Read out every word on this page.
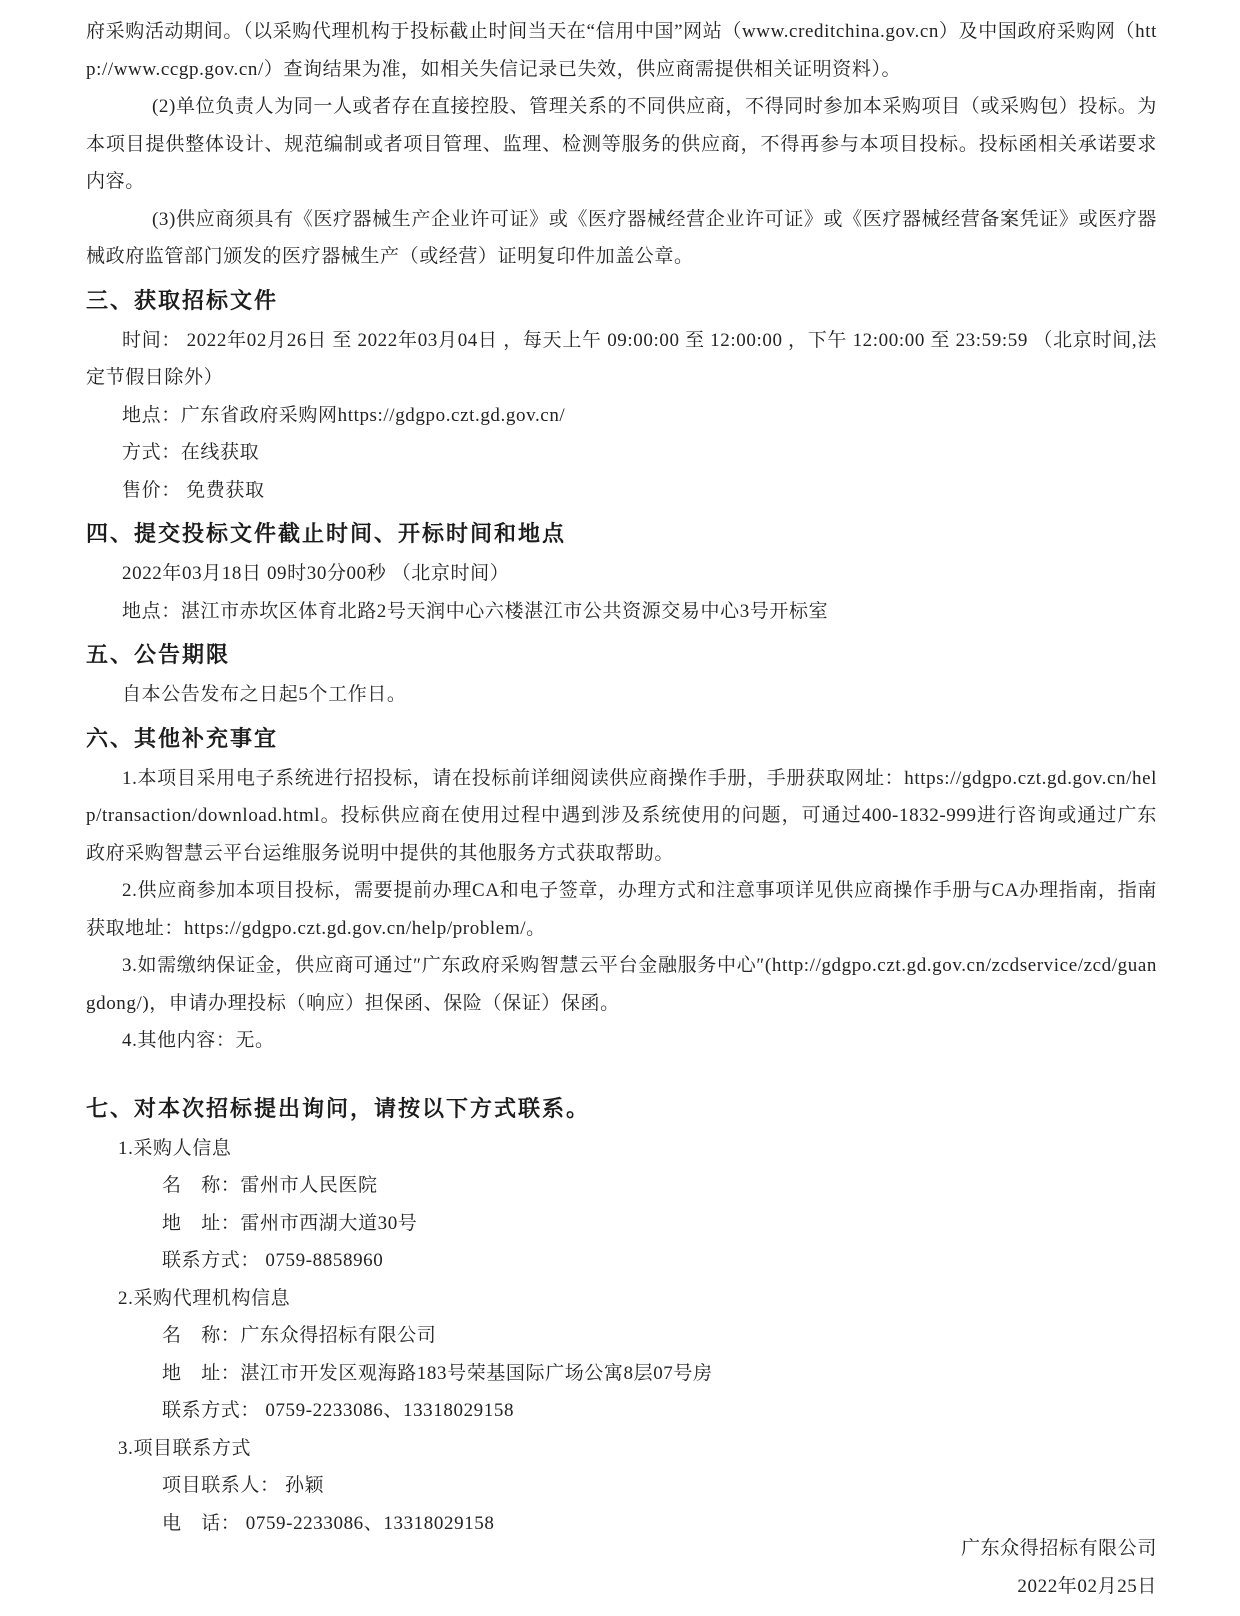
府采购活动期间。（以采购代理机构于投标截止时间当天在“信用中国”网站（www.creditchina.gov.cn）及中国政府采购网（http://www.ccgp.gov.cn/）查询结果为准，如相关失信记录已失效，供应商需提供相关证明资料）。

(2)单位负责人为同一人或者存在直接控股、管理关系的不同供应商，不得同时参加本采购项目（或采购包）投标。为本项目提供整体设计、规范编制或者项目管理、监理、检测等服务的供应商，不得再参与本项目投标。投标函相关承诺要求内容。

(3)供应商须具有《医疗器械生产企业许可证》或《医疗器械经营企业许可证》或《医疗器械经营备案凭证》或医疗器械政府监管部门颁发的医疗器械生产（或经营）证明复印件加盖公章。

三、获取招标文件

时间： 2022年02月26日 至 2022年03月04日 ，每天上午 09:00:00 至 12:00:00 ，下午 12:00:00 至 23:59:59 （北京时间,法定节假日除外）

地点：广东省政府采购网https://gdgpo.czt.gd.gov.cn/

方式：在线获取

售价： 免费获取

四、提交投标文件截止时间、开标时间和地点

2022年03月18日 09时30分00秒 （北京时间）

地点：湛江市赤坎区体育北路2号天润中心六楼湛江市公共资源交易中心3号开标室

五、公告期限

自本公告发布之日起5个工作日。

六、其他补充事宜

1.本项目采用电子系统进行招投标，请在投标前详细阅读供应商操作手册，手册获取网址：https://gdgpo.czt.gd.gov.cn/help/transaction/download.html。投标供应商在使用过程中遇到涉及系统使用的问题，可通过400-1832-999进行咨询或通过广东政府采购智慧云平台运维服务说明中提供的其他服务方式获取帮助。

2.供应商参加本项目投标，需要提前办理CA和电子签章，办理方式和注意事项详见供应商操作手册与CA办理指南，指南获取地址：https://gdgpo.czt.gd.gov.cn/help/problem/。

3.如需缴纳保证金，供应商可通过″广东政府采购智慧云平台金融服务中心″(http://gdgpo.czt.gd.gov.cn/zcdservice/zcd/guangdong/)，申请办理投标（响应）担保函、保险（保证）保函。

4.其他内容：无。

七、对本次招标提出询问，请按以下方式联系。

1.采购人信息

名　称：雷州市人民医院

地　址：雷州市西湖大道30号

联系方式： 0759-8858960

2.采购代理机构信息

名　称：广东众得招标有限公司

地　址：湛江市开发区观海路183号荣基国际广场公寓8层07号房

联系方式： 0759-2233086、13318029158

3.项目联系方式

项目联系人： 孙颖

电　话： 0759-2233086、13318029158

广东众得招标有限公司

2022年02月25日
